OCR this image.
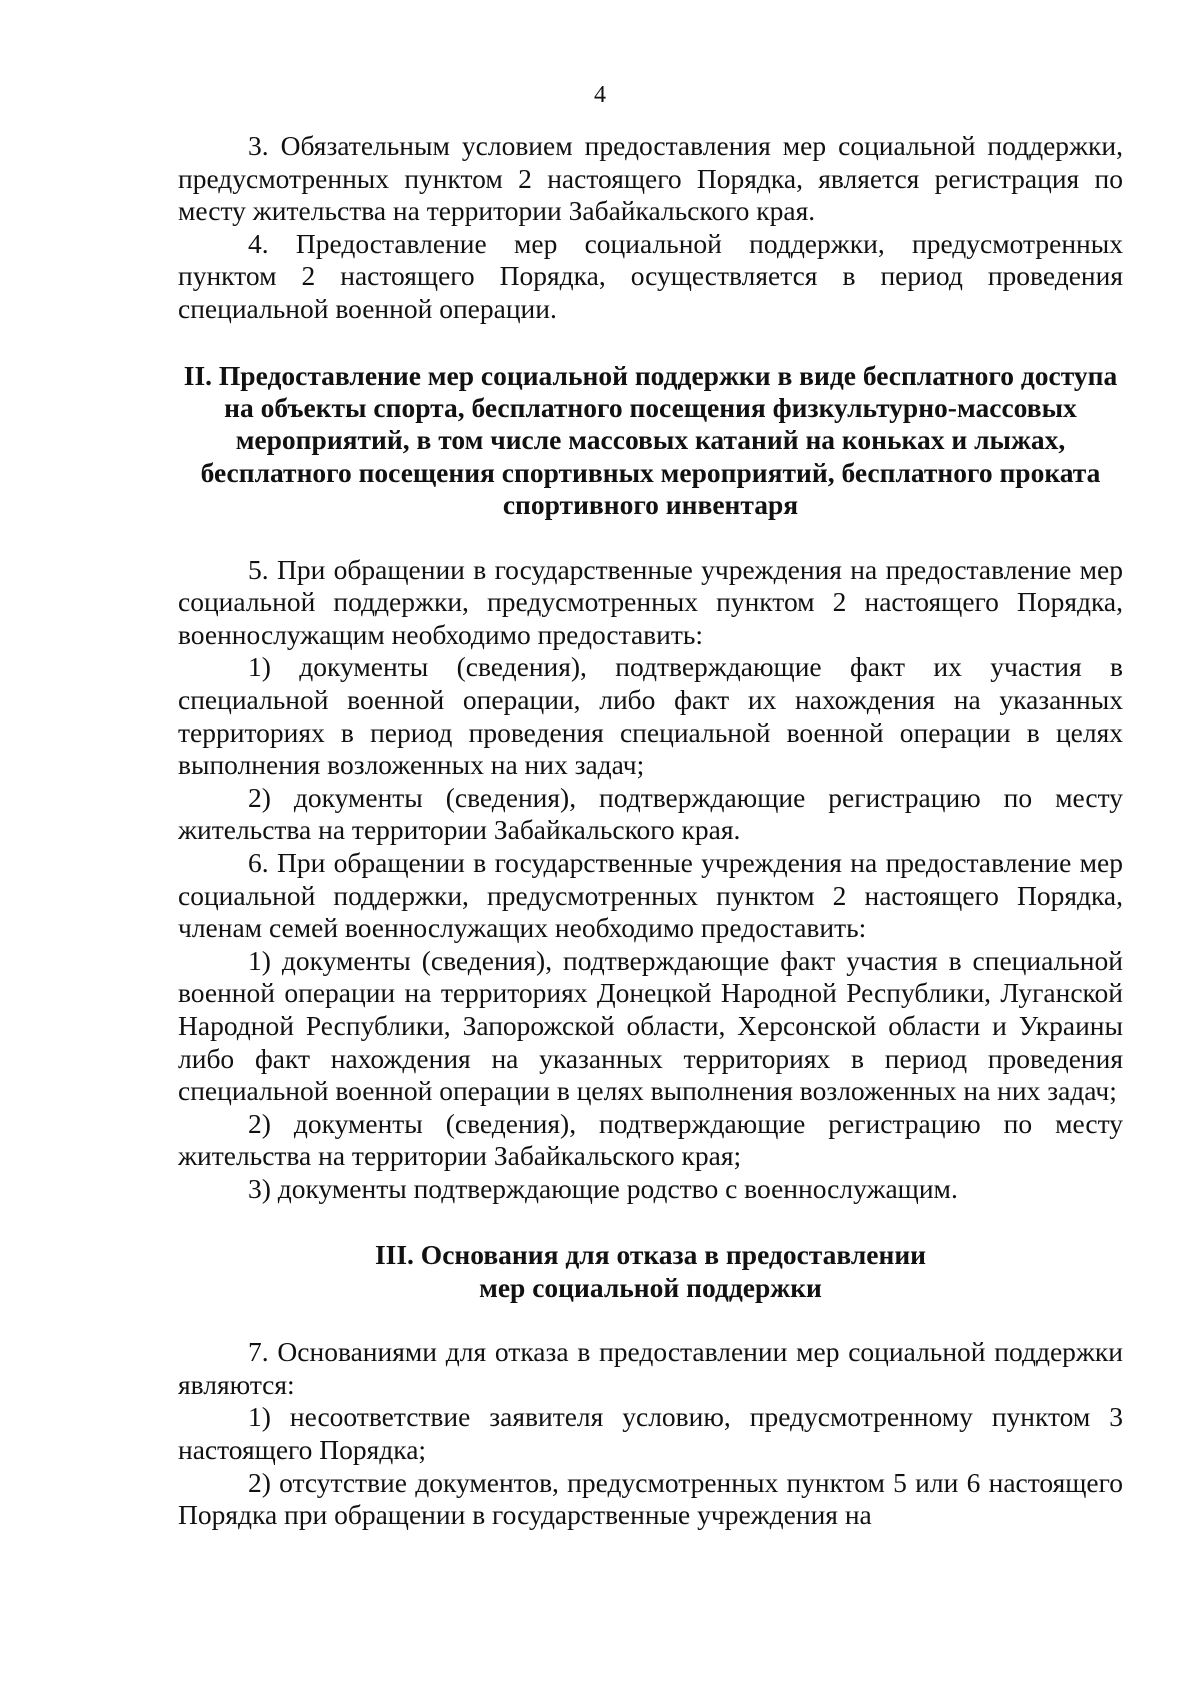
4

3. Обязательным условием предоставления мер социальной поддержки, предусмотренных пунктом 2 настоящего Порядка, является регистрация по месту жительства на территории Забайкальского края.

4. Предоставление мер социальной поддержки, предусмотренных пунктом 2 настоящего Порядка, осуществляется в период проведения специальной военной операции.

II. Предоставление мер социальной поддержки в виде бесплатного доступа на объекты спорта, бесплатного посещения физкультурно-массовых мероприятий, в том числе массовых катаний на коньках и лыжах, бесплатного посещения спортивных мероприятий, бесплатного проката спортивного инвентаря

5. При обращении в государственные учреждения на предоставление мер социальной поддержки, предусмотренных пунктом 2 настоящего Порядка, военнослужащим необходимо предоставить:

1) документы (сведения), подтверждающие факт их участия в специальной военной операции, либо факт их нахождения на указанных территориях в период проведения специальной военной операции в целях выполнения возложенных на них задач;

2) документы (сведения), подтверждающие регистрацию по месту жительства на территории Забайкальского края.

6. При обращении в государственные учреждения на предоставление мер социальной поддержки, предусмотренных пунктом 2 настоящего Порядка, членам семей военнослужащих необходимо предоставить:

1) документы (сведения), подтверждающие факт участия в специальной военной операции на территориях Донецкой Народной Республики, Луганской Народной Республики, Запорожской области, Херсонской области и Украины либо факт нахождения на указанных территориях в период проведения специальной военной операции в целях выполнения возложенных на них задач;

2) документы (сведения), подтверждающие регистрацию по месту жительства на территории Забайкальского края;

3) документы подтверждающие родство с военнослужащим.

III. Основания для отказа в предоставлении

мер социальной поддержки

7. Основаниями для отказа в предоставлении мер социальной поддержки являются:

1) несоответствие заявителя условию, предусмотренному пунктом 3 настоящего Порядка;

2) отсутствие документов, предусмотренных пунктом 5 или 6 настоящего Порядка при обращении в государственные учреждения на
